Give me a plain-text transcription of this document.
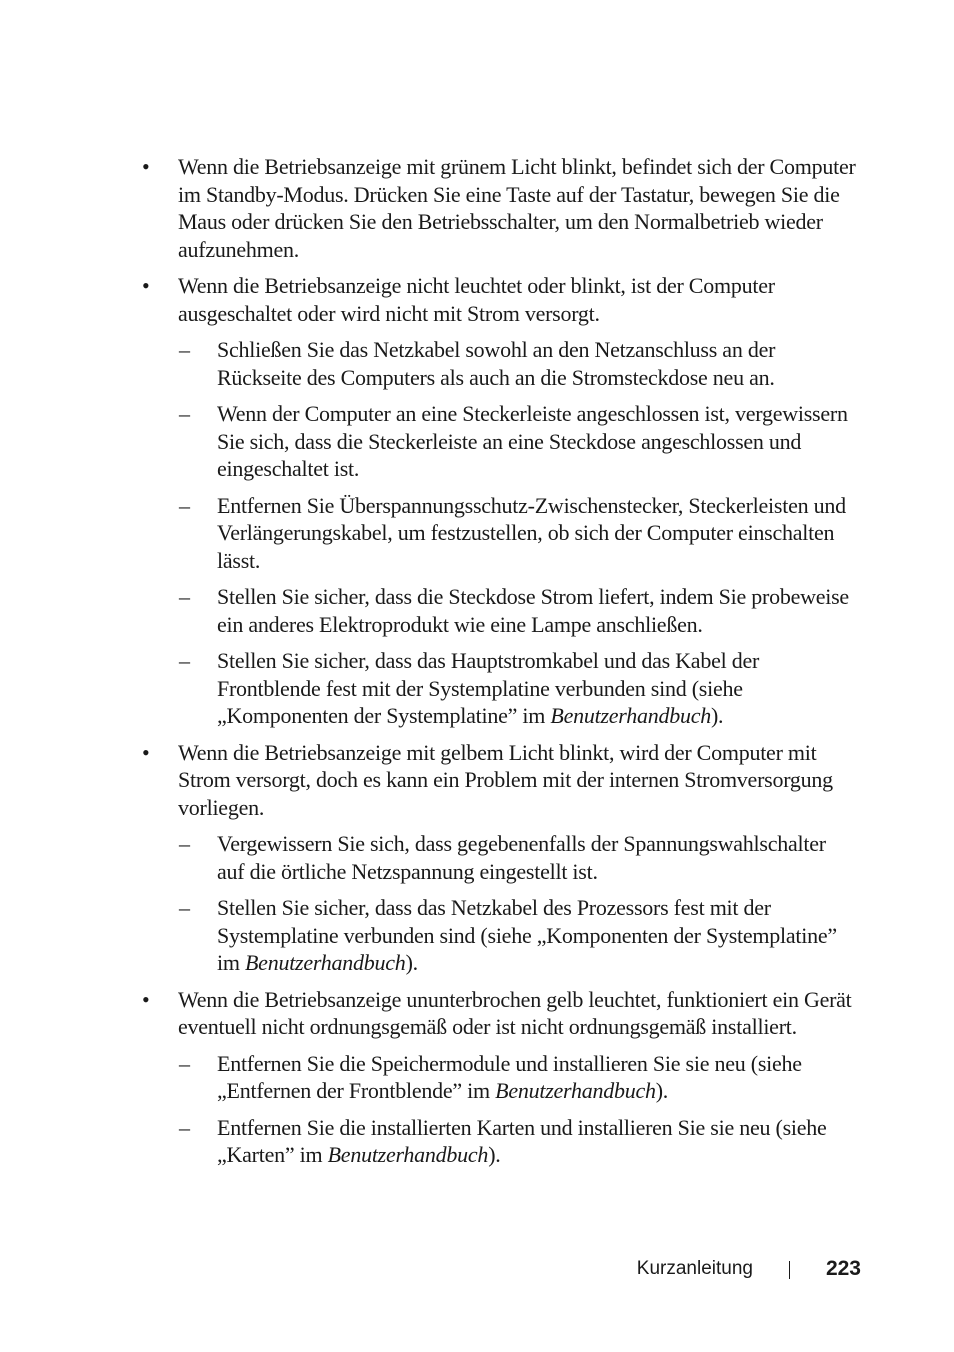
• Wenn die Betriebsanzeige mit grünem Licht blinkt, befindet sich der Computer im Standby-Modus. Drücken Sie eine Taste auf der Tastatur, bewegen Sie die Maus oder drücken Sie den Betriebsschalter, um den Normalbetrieb wieder aufzunehmen.
• Wenn die Betriebsanzeige nicht leuchtet oder blinkt, ist der Computer ausgeschaltet oder wird nicht mit Strom versorgt.
– Schließen Sie das Netzkabel sowohl an den Netzanschluss an der Rückseite des Computers als auch an die Stromsteckdose neu an.
– Wenn der Computer an eine Steckerleiste angeschlossen ist, vergewissern Sie sich, dass die Steckerleiste an eine Steckdose angeschlossen und eingeschaltet ist.
– Entfernen Sie Überspannungsschutz-Zwischenstecker, Steckerleisten und Verlängerungskabel, um festzustellen, ob sich der Computer einschalten lässt.
– Stellen Sie sicher, dass die Steckdose Strom liefert, indem Sie probeweise ein anderes Elektroprodukt wie eine Lampe anschließen.
– Stellen Sie sicher, dass das Hauptstromkabel und das Kabel der Frontblende fest mit der Systemplatine verbunden sind (siehe „Komponenten der Systemplatine” im Benutzerhandbuch).
• Wenn die Betriebsanzeige mit gelbem Licht blinkt, wird der Computer mit Strom versorgt, doch es kann ein Problem mit der internen Stromversorgung vorliegen.
– Vergewissern Sie sich, dass gegebenenfalls der Spannungswahlschalter auf die örtliche Netzspannung eingestellt ist.
– Stellen Sie sicher, dass das Netzkabel des Prozessors fest mit der Systemplatine verbunden sind (siehe „Komponenten der Systemplatine” im Benutzerhandbuch).
• Wenn die Betriebsanzeige ununterbrochen gelb leuchtet, funktioniert ein Gerät eventuell nicht ordnungsgemäß oder ist nicht ordnungsgemäß installiert.
– Entfernen Sie die Speichermodule und installieren Sie sie neu (siehe „Entfernen der Frontblende” im Benutzerhandbuch).
– Entfernen Sie die installierten Karten und installieren Sie sie neu (siehe „Karten” im Benutzerhandbuch).
Kurzanleitung	223
